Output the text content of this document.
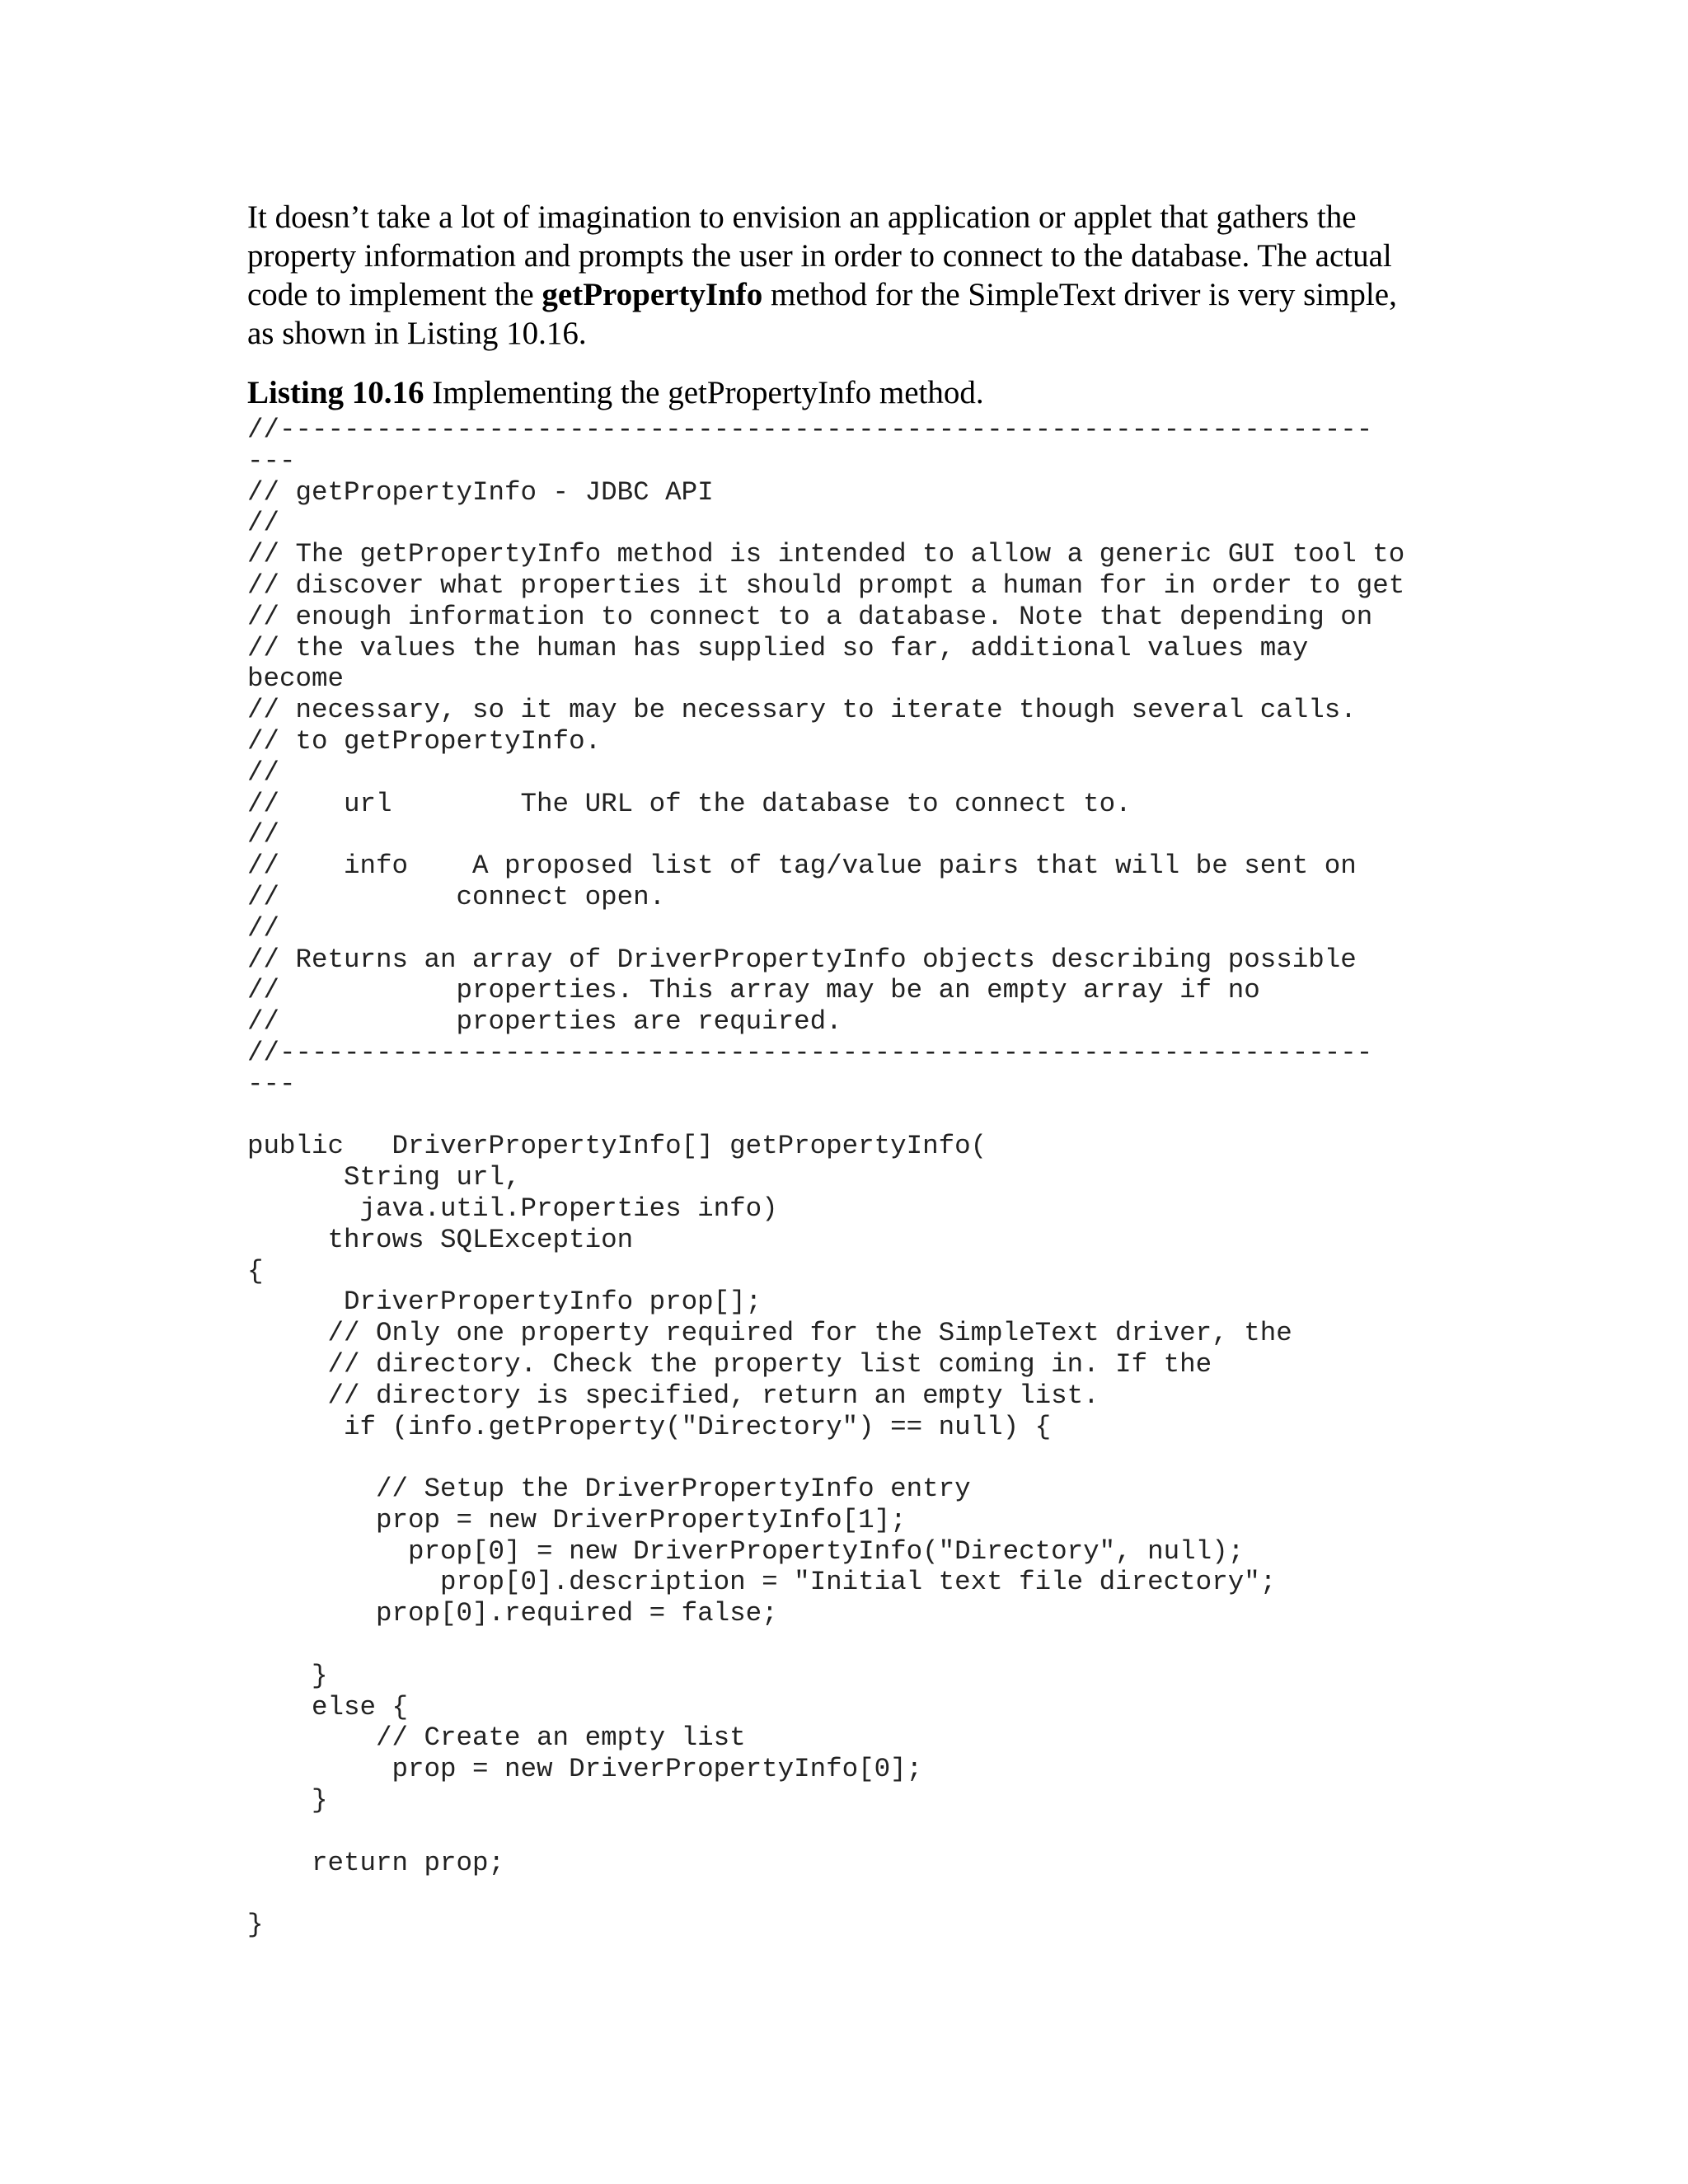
It doesn’t take a lot of imagination to envision an application or applet that gathers the
property information and prompts the user in order to connect to the database. The actual
code to implement the getPropertyInfo method for the SimpleText driver is very simple,
as shown in Listing 10.16.

Listing 10.16 Implementing the getPropertyInfo method.

//--------------------------------------------------------------------
---
// getPropertyInfo - JDBC API
//
// The getPropertyInfo method is intended to allow a generic GUI tool to
// discover what properties it should prompt a human for in order to get
// enough information to connect to a database. Note that depending on
// the values the human has supplied so far, additional values may
become
// necessary, so it may be necessary to iterate though several calls.
// to getPropertyInfo.
//
//    url        The URL of the database to connect to.
//
//    info    A proposed list of tag/value pairs that will be sent on
//           connect open.
//
// Returns an array of DriverPropertyInfo objects describing possible
//           properties. This array may be an empty array if no
//           properties are required.
//--------------------------------------------------------------------
---

public   DriverPropertyInfo[] getPropertyInfo(
String url,
java.util.Properties info)
throws SQLException
{
DriverPropertyInfo prop[];
// Only one property required for the SimpleText driver, the
// directory. Check the property list coming in. If the
// directory is specified, return an empty list.
if (info.getProperty("Directory") == null) {

// Setup the DriverPropertyInfo entry
prop = new DriverPropertyInfo[1];
prop[0] = new DriverPropertyInfo("Directory", null);
prop[0].description = "Initial text file directory";
prop[0].required = false;

}
else {
// Create an empty list
prop = new DriverPropertyInfo[0];
}

return prop;

}
